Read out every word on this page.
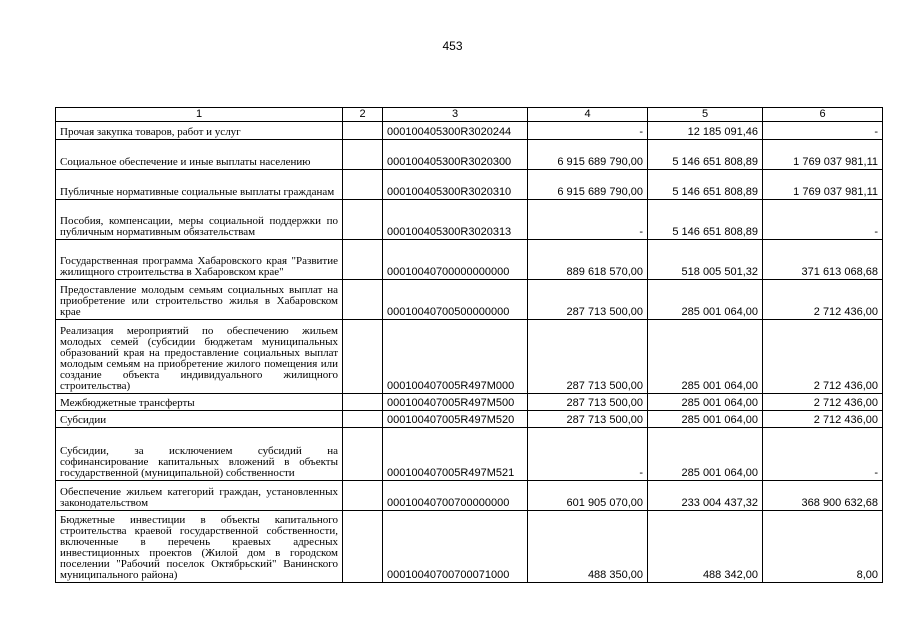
453
1	2	3	4	5	6
Прочая закупка товаров, работ и услуг		000100405300R3020244	-	12 185 091,46	-
Социальное обеспечение и иные выплаты населению		000100405300R3020300	6 915 689 790,00	5 146 651 808,89	1 769 037 981,11
Публичные нормативные социальные выплаты гражданам		000100405300R3020310	6 915 689 790,00	5 146 651 808,89	1 769 037 981,11
Пособия, компенсации, меры социальной поддержки по публичным нормативным обязательствам		000100405300R3020313	-	5 146 651 808,89	-
Государственная программа Хабаровского края "Развитие жилищного строительства в Хабаровском крае"		00010040700000000000	889 618 570,00	518 005 501,32	371 613 068,68
Предоставление молодым семьям социальных выплат на приобретение или строительство жилья в Хабаровском крае		00010040700500000000	287 713 500,00	285 001 064,00	2 712 436,00
Реализация мероприятий по обеспечению жильем молодых семей (субсидии бюджетам муниципальных образований края на предоставление социальных выплат молодым семьям на приобретение жилого помещения или создание объекта индивидуального жилищного строительства)		000100407005R497M000	287 713 500,00	285 001 064,00	2 712 436,00
Межбюджетные трансферты		000100407005R497M500	287 713 500,00	285 001 064,00	2 712 436,00
Субсидии		000100407005R497M520	287 713 500,00	285 001 064,00	2 712 436,00
Субсидии, за исключением субсидий на софинансирование капитальных вложений в объекты государственной (муниципальной) собственности		000100407005R497M521	-	285 001 064,00	-
Обеспечение жильем категорий граждан, установленных законодательством		00010040700700000000	601 905 070,00	233 004 437,32	368 900 632,68
Бюджетные инвестиции в объекты капитального строительства краевой государственной собственности, включенные в перечень краевых адресных инвестиционных проектов (Жилой дом в городском поселении "Рабочий поселок Октябрьский" Ванинского муниципального района)		00010040700700071000	488 350,00	488 342,00	8,00
